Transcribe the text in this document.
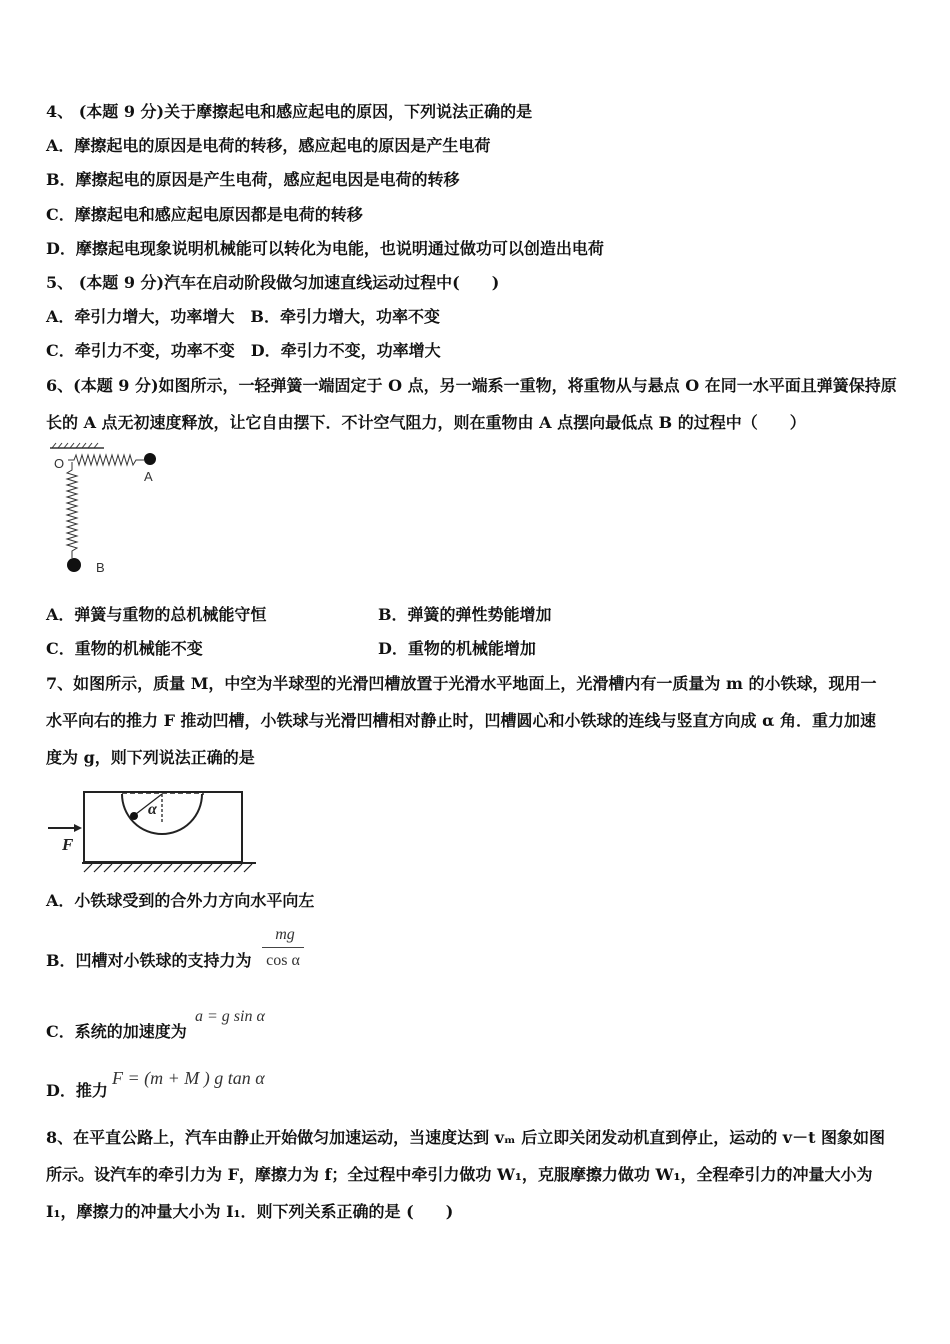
4、 (本题 9 分)关于摩擦起电和感应起电的原因，下列说法正确的是
A．摩擦起电的原因是电荷的转移，感应起电的原因是产生电荷
B．摩擦起电的原因是产生电荷，感应起电因是电荷的转移
C．摩擦起电和感应起电原因都是电荷的转移
D．摩擦起电现象说明机械能可以转化为电能，也说明通过做功可以创造出电荷
5、 (本题 9 分)汽车在启动阶段做匀加速直线运动过程中(　　)
A．牵引力增大，功率增大　B．牵引力增大，功率不变
C．牵引力不变，功率不变　D．牵引力不变，功率增大
6、(本题 9 分)如图所示，一轻弹簧一端固定于 O 点，另一端系一重物，将重物从与悬点 O 在同一水平面且弹簧保持原
长的 A 点无初速度释放，让它自由摆下．不计空气阻力，则在重物由 A 点摆向最低点 B 的过程中（　　）
O
A
B
A．弹簧与重物的总机械能守恒	B．弹簧的弹性势能增加
C．重物的机械能不变	D．重物的机械能增加
7、如图所示，质量 M，中空为半球型的光滑凹槽放置于光滑水平地面上，光滑槽内有一质量为 m 的小铁球，现用一
水平向右的推力 F 推动凹槽，小铁球与光滑凹槽相对静止时，凹槽圆心和小铁球的连线与竖直方向成 α 角．重力加速
度为 g，则下列说法正确的是
α
F
A．小铁球受到的合外力方向水平向左
B．凹槽对小铁球的支持力为
mg
cos α
C．系统的加速度为
a = g sin α
D．推力
F = (m + M ) g tan α
8、在平直公路上，汽车由静止开始做匀加速运动，当速度达到 vₘ 后立即关闭发动机直到停止，运动的 v－t 图象如图
所示。设汽车的牵引力为 F，摩擦力为 f；全过程中牵引力做功 W₁，克服摩擦力做功 W₁，全程牵引力的冲量大小为
I₁，摩擦力的冲量大小为 I₁．则下列关系正确的是 (　　)
